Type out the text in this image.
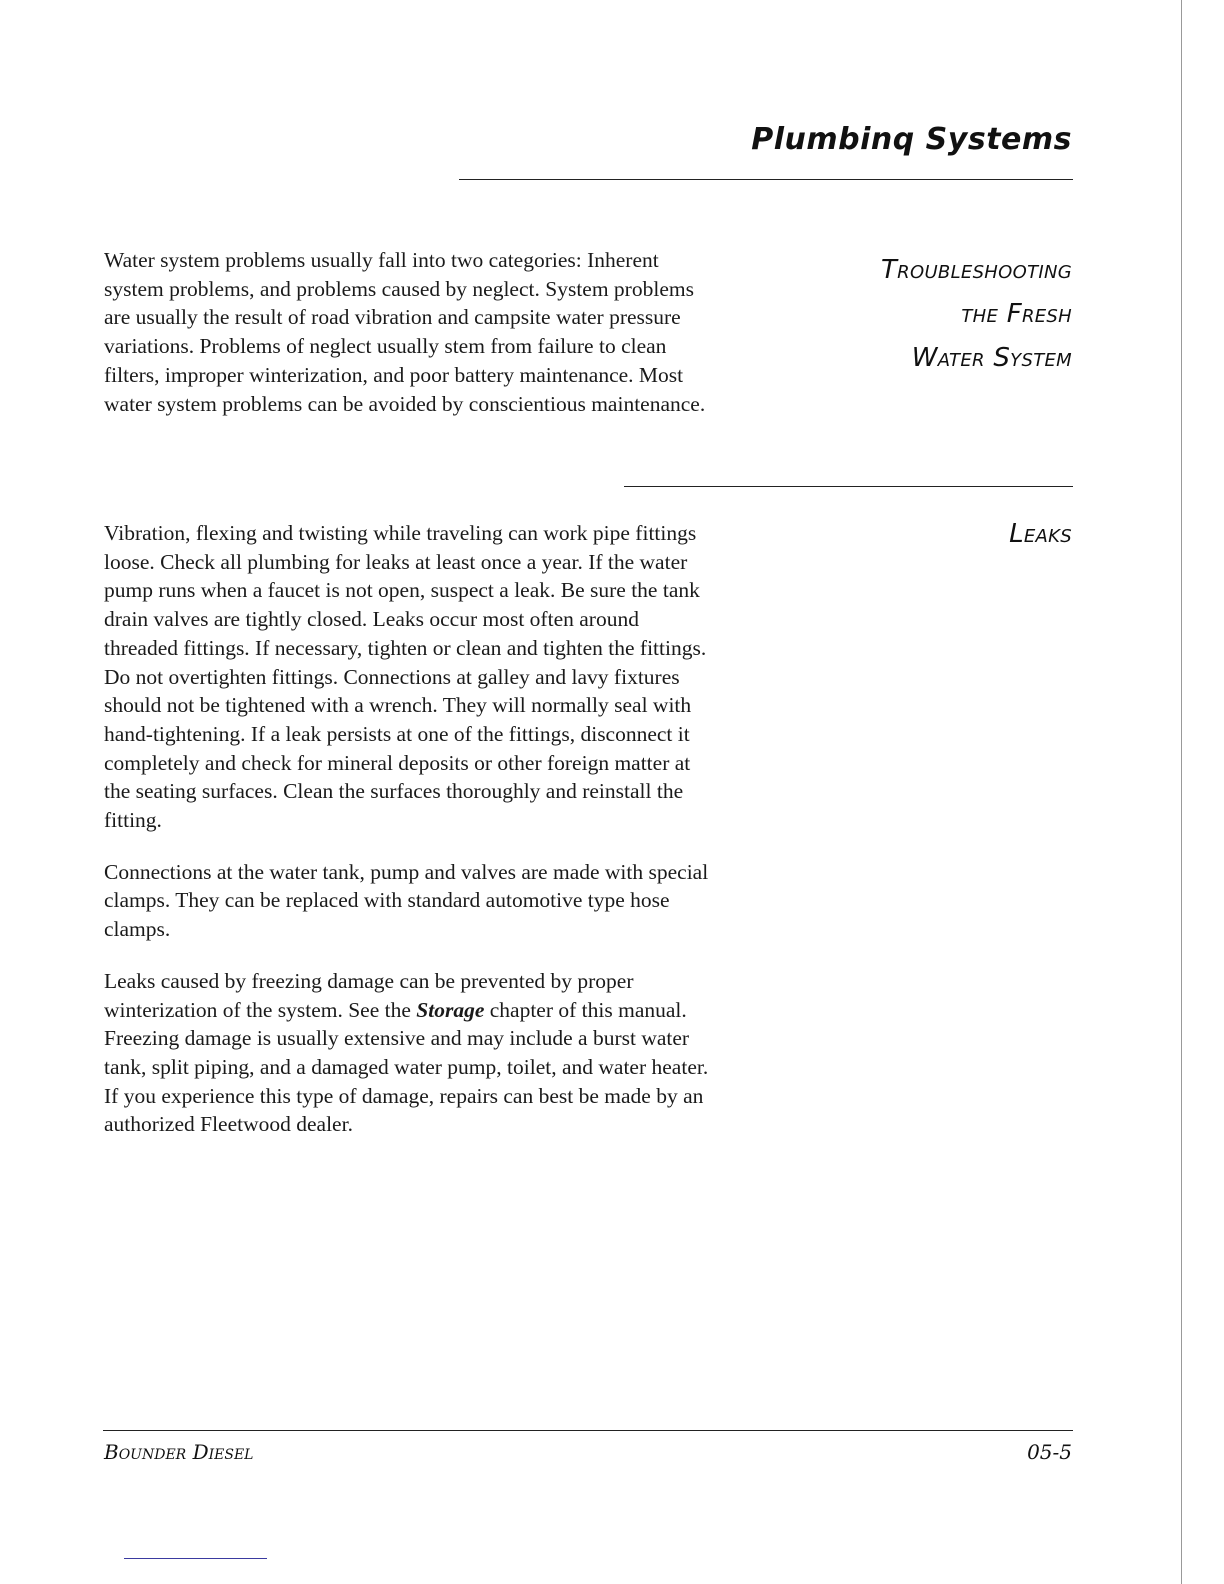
Plumbinq Systems
Troubleshooting
the Fresh
Water System

Water system problems usually fall into two categories: Inherent system problems, and problems caused by neglect. System problems are usually the result of road vibration and campsite water pressure variations. Problems of neglect usually stem from failure to clean filters, improper winterization, and poor battery maintenance. Most water system problems can be avoided by conscientious maintenance.

Leaks

Vibration, flexing and twisting while traveling can work pipe fittings loose. Check all plumbing for leaks at least once a year. If the water pump runs when a faucet is not open, suspect a leak. Be sure the tank drain valves are tightly closed. Leaks occur most often around threaded fittings. If necessary, tighten or clean and tighten the fittings. Do not overtighten fittings. Connections at galley and lavy fixtures should not be tightened with a wrench. They will normally seal with hand-tightening. If a leak persists at one of the fittings, disconnect it completely and check for mineral deposits or other foreign matter at the seating surfaces. Clean the surfaces thoroughly and reinstall the fitting.

Connections at the water tank, pump and valves are made with special clamps. They can be replaced with standard automotive type hose clamps.

Leaks caused by freezing damage can be prevented by proper winterization of the system. See the Storage chapter of this manual. Freezing damage is usually extensive and may include a burst water tank, split piping, and a damaged water pump, toilet, and water heater. If you experience this type of damage, repairs can best be made by an authorized Fleetwood dealer.

Bounder Diesel	05-5
